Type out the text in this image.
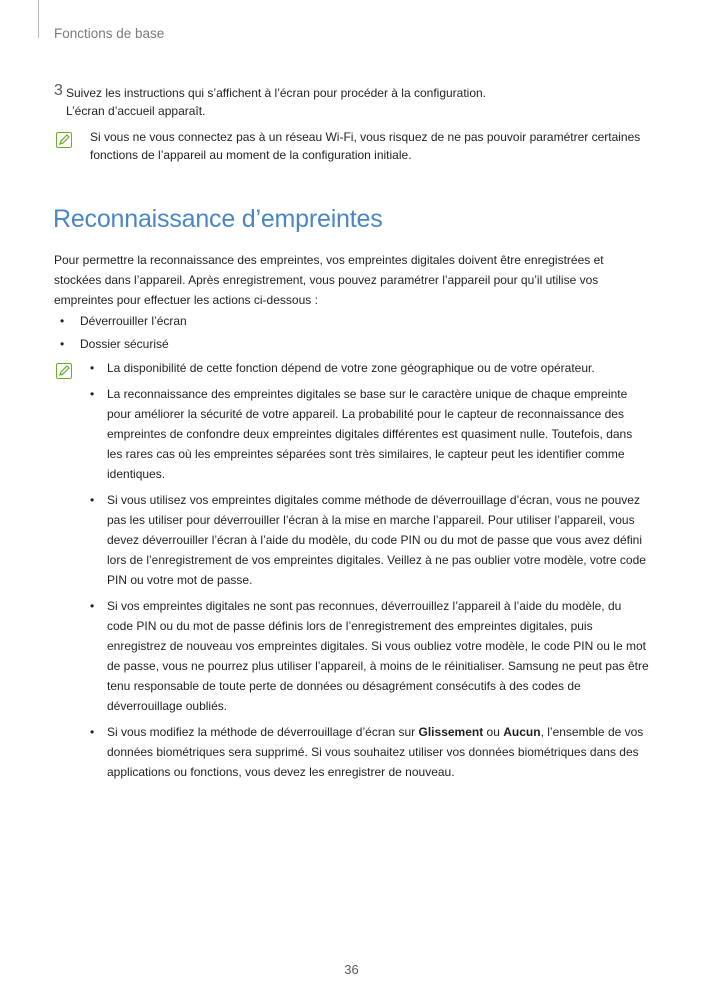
Fonctions de base
3 Suivez les instructions qui s’affichent à l’écran pour procéder à la configuration.
L’écran d’accueil apparaît.
Si vous ne vous connectez pas à un réseau Wi-Fi, vous risquez de ne pas pouvoir paramétrer certaines fonctions de l’appareil au moment de la configuration initiale.
Reconnaissance d’empreintes
Pour permettre la reconnaissance des empreintes, vos empreintes digitales doivent être enregistrées et stockées dans l’appareil. Après enregistrement, vous pouvez paramétrer l’appareil pour qu’il utilise vos empreintes pour effectuer les actions ci-dessous :
• Déverrouiller l’écran
• Dossier sécurisé
• La disponibilité de cette fonction dépend de votre zone géographique ou de votre opérateur.
• La reconnaissance des empreintes digitales se base sur le caractère unique de chaque empreinte pour améliorer la sécurité de votre appareil. La probabilité pour le capteur de reconnaissance des empreintes de confondre deux empreintes digitales différentes est quasiment nulle. Toutefois, dans les rares cas où les empreintes séparées sont très similaires, le capteur peut les identifier comme identiques.
• Si vous utilisez vos empreintes digitales comme méthode de déverrouillage d’écran, vous ne pouvez pas les utiliser pour déverrouiller l’écran à la mise en marche l’appareil. Pour utiliser l’appareil, vous devez déverrouiller l’écran à l’aide du modèle, du code PIN ou du mot de passe que vous avez défini lors de l’enregistrement de vos empreintes digitales. Veillez à ne pas oublier votre modèle, votre code PIN ou votre mot de passe.
• Si vos empreintes digitales ne sont pas reconnues, déverrouillez l’appareil à l’aide du modèle, du code PIN ou du mot de passe définis lors de l’enregistrement des empreintes digitales, puis enregistrez de nouveau vos empreintes digitales. Si vous oubliez votre modèle, le code PIN ou le mot de passe, vous ne pourrez plus utiliser l’appareil, à moins de le réinitialiser. Samsung ne peut pas être tenu responsable de toute perte de données ou désagrément consécutifs à des codes de déverrouillage oubliés.
• Si vous modifiez la méthode de déverrouillage d’écran sur Glissement ou Aucun, l’ensemble de vos données biométriques sera supprimé. Si vous souhaitez utiliser vos données biométriques dans des applications ou fonctions, vous devez les enregistrer de nouveau.
36
